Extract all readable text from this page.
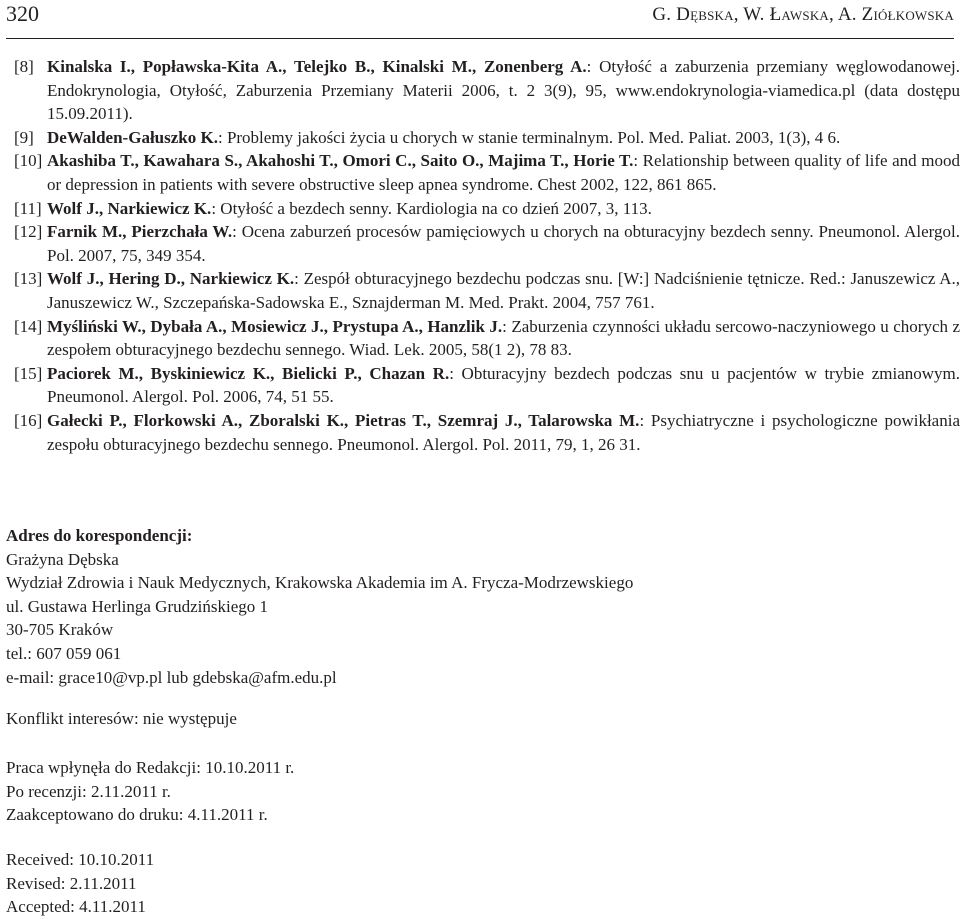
320	G. Dębska, W. Ławska, A. Ziółkowska
[8] Kinalska I., Popławska-Kita A., Telejko B., Kinalski M., Zonenberg A.: Otyłość a zaburzenia przemiany węglowodanowej. Endokrynologia, Otyłość, Zaburzenia Przemiany Materii 2006, t. 2 3(9), 95, www.endokrynologia-viamedica.pl (data dostępu 15.09.2011).
[9] DeWalden-Gałuszko K.: Problemy jakości życia u chorych w stanie terminalnym. Pol. Med. Paliat. 2003, 1(3), 4 6.
[10] Akashiba T., Kawahara S., Akahoshi T., Omori C., Saito O., Majima T., Horie T.: Relationship between quality of life and mood or depression in patients with severe obstructive sleep apnea syndrome. Chest 2002, 122, 861 865.
[11] Wolf J., Narkiewicz K.: Otyłość a bezdech senny. Kardiologia na co dzień 2007, 3, 113.
[12] Farnik M., Pierzchała W.: Ocena zaburzeń procesów pamięciowych u chorych na obturacyjny bezdech senny. Pneumonol. Alergol. Pol. 2007, 75, 349 354.
[13] Wolf J., Hering D., Narkiewicz K.: Zespół obturacyjnego bezdechu podczas snu. [W:] Nadciśnienie tętnicze. Red.: Januszewicz A., Januszewicz W., Szczepańska-Sadowska E., Sznajderman M. Med. Prakt. 2004, 757 761.
[14] Myśliński W., Dybała A., Mosiewicz J., Prystupa A., Hanzlik J.: Zaburzenia czynności układu sercowo-naczyniowego u chorych z zespołem obturacyjnego bezdechu sennego. Wiad. Lek. 2005, 58(1 2), 78 83.
[15] Paciorek M., Byskiniewicz K., Bielicki P., Chazan R.: Obturacyjny bezdech podczas snu u pacjentów w trybie zmianowym. Pneumonol. Alergol. Pol. 2006, 74, 51 55.
[16] Gałecki P., Florkowski A., Zboralski K., Pietras T., Szemraj J., Talarowska M.: Psychiatryczne i psychologiczne powikłania zespołu obturacyjnego bezdechu sennego. Pneumonol. Alergol. Pol. 2011, 79, 1, 26 31.
Adres do korespondencji:
Grażyna Dębska
Wydział Zdrowia i Nauk Medycznych, Krakowska Akademia im A. Frycza-Modrzewskiego
ul. Gustawa Herlinga Grudzińskiego 1
30-705 Kraków
tel.: 607 059 061
e-mail: grace10@vp.pl lub gdebska@afm.edu.pl
Konflikt interesów: nie występuje
Praca wpłynęła do Redakcji: 10.10.2011 r.
Po recenzji: 2.11.2011 r.
Zaakceptowano do druku: 4.11.2011 r.
Received: 10.10.2011
Revised: 2.11.2011
Accepted: 4.11.2011
